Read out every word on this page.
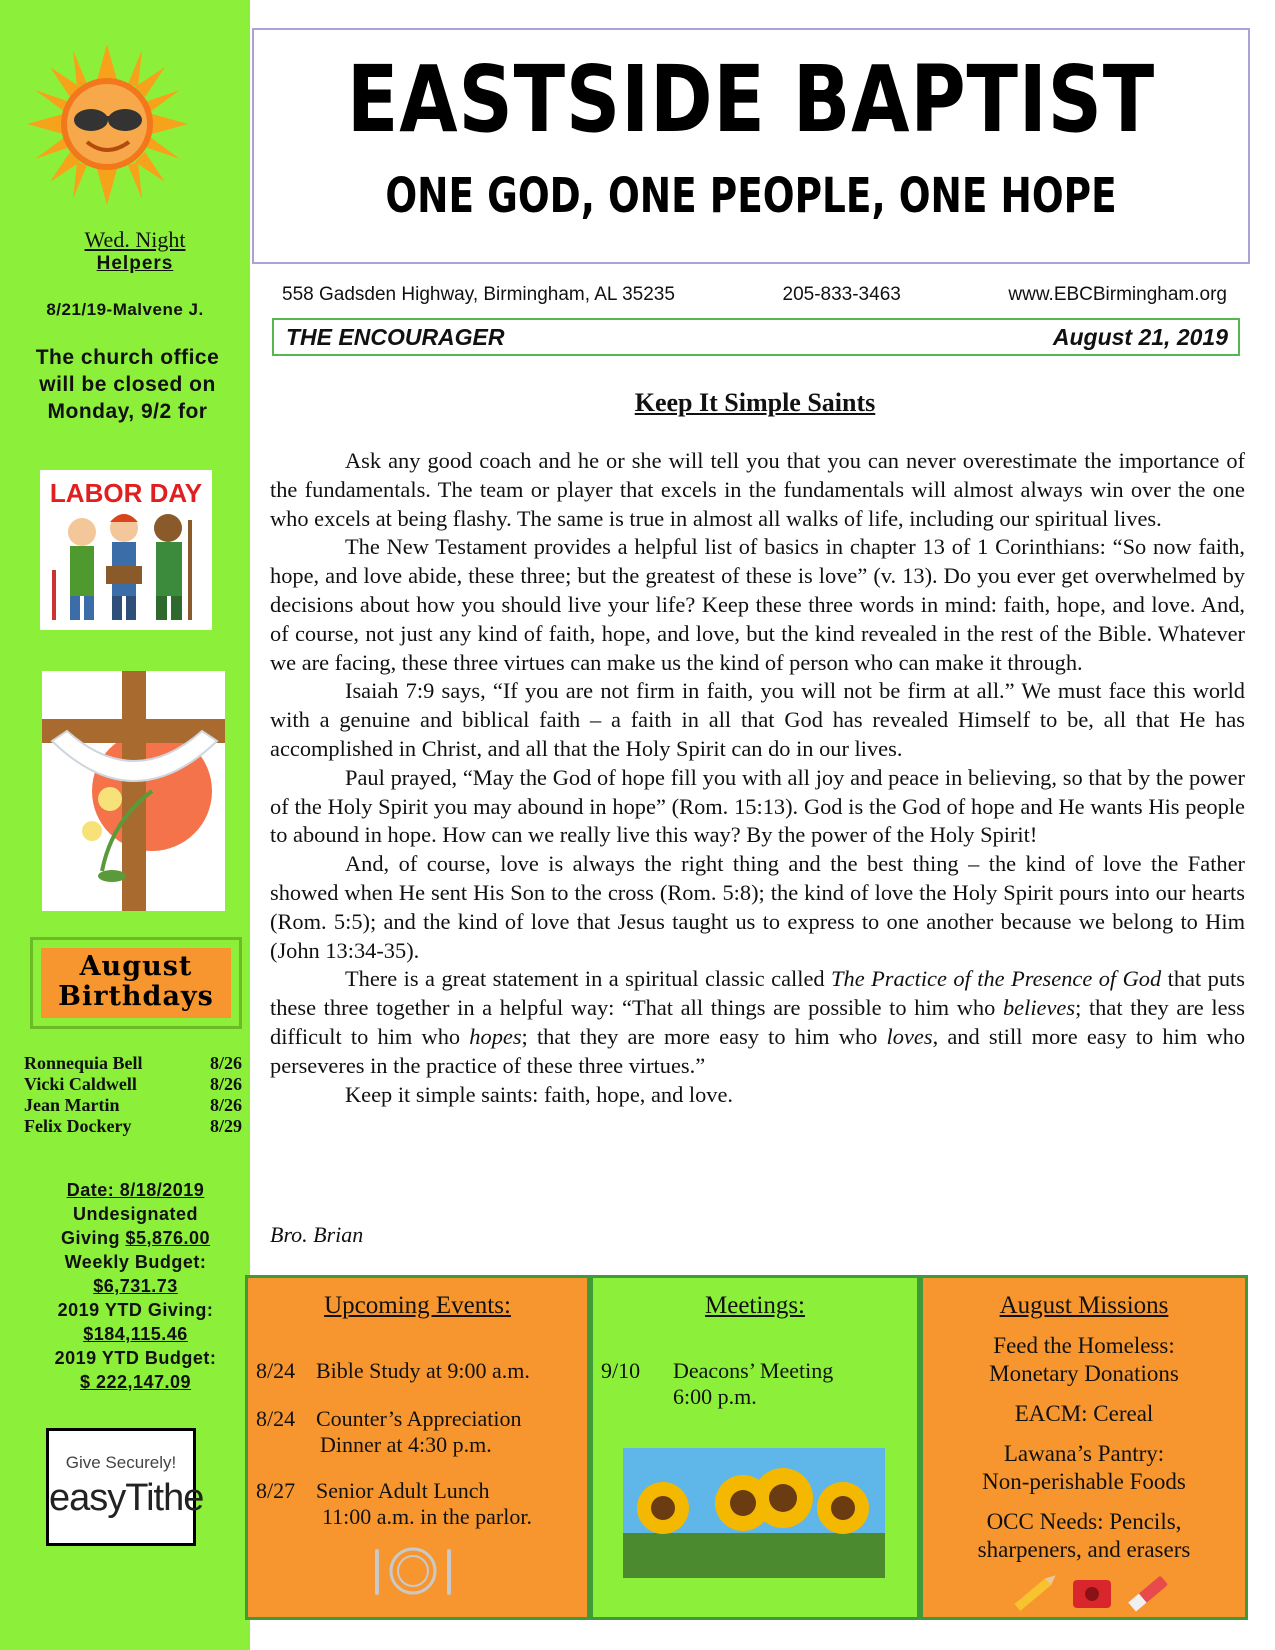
Wed. Night
Helpers
8/21/19-Malvene J.
The church office will be closed on Monday, 9/2 for
LABOR DAY
August
Birthdays
Ronnequia Bell	8/26
Vicki Caldwell	8/26
Jean Martin	8/26
Felix Dockery	8/29
Date: 8/18/2019
Undesignated
Giving $5,876.00
Weekly Budget:
$6,731.73
2019 YTD Giving:
$184,115.46
2019 YTD Budget:
$ 222,147.09
Give Securely!
easyTithe
EASTSIDE BAPTIST
ONE GOD, ONE PEOPLE, ONE HOPE
558 Gadsden Highway, Birmingham, AL 35235	205-833-3463	www.EBCBirmingham.org
THE ENCOURAGER	August 21, 2019
Keep It Simple Saints

Ask any good coach and he or she will tell you that you can never overestimate the importance of the fundamentals. The team or player that excels in the fundamentals will almost always win over the one who excels at being flashy. The same is true in almost all walks of life, including our spiritual lives.

The New Testament provides a helpful list of basics in chapter 13 of 1 Corinthians: “So now faith, hope, and love abide, these three; but the greatest of these is love” (v. 13). Do you ever get overwhelmed by decisions about how you should live your life? Keep these three words in mind: faith, hope, and love. And, of course, not just any kind of faith, hope, and love, but the kind revealed in the rest of the Bible. Whatever we are facing, these three virtues can make us the kind of person who can make it through.

Isaiah 7:9 says, “If you are not firm in faith, you will not be firm at all.” We must face this world with a genuine and biblical faith – a faith in all that God has revealed Himself to be, all that He has accomplished in Christ, and all that the Holy Spirit can do in our lives.

Paul prayed, “May the God of hope fill you with all joy and peace in believing, so that by the power of the Holy Spirit you may abound in hope” (Rom. 15:13). God is the God of hope and He wants His people to abound in hope. How can we really live this way? By the power of the Holy Spirit!

And, of course, love is always the right thing and the best thing – the kind of love the Father showed when He sent His Son to the cross (Rom. 5:8); the kind of love the Holy Spirit pours into our hearts (Rom. 5:5); and the kind of love that Jesus taught us to express to one another because we belong to Him (John 13:34-35).

There is a great statement in a spiritual classic called The Practice of the Presence of God that puts these three together in a helpful way: “That all things are possible to him who believes; that they are less difficult to him who hopes; that they are more easy to him who loves, and still more easy to him who perseveres in the practice of these three virtues.”

Keep it simple saints: faith, hope, and love.

Bro. Brian
Upcoming Events:
8/24 Bible Study at 9:00 a.m.
8/24 Counter’s Appreciation
Dinner at 4:30 p.m.
8/27 Senior Adult Lunch
11:00 a.m. in the parlor.
Meetings:
9/10 Deacons’ Meeting
6:00 p.m.
August Missions
Feed the Homeless:
Monetary Donations
EACM: Cereal
Lawana’s Pantry:
Non-perishable Foods
OCC Needs: Pencils,
sharpeners, and erasers
